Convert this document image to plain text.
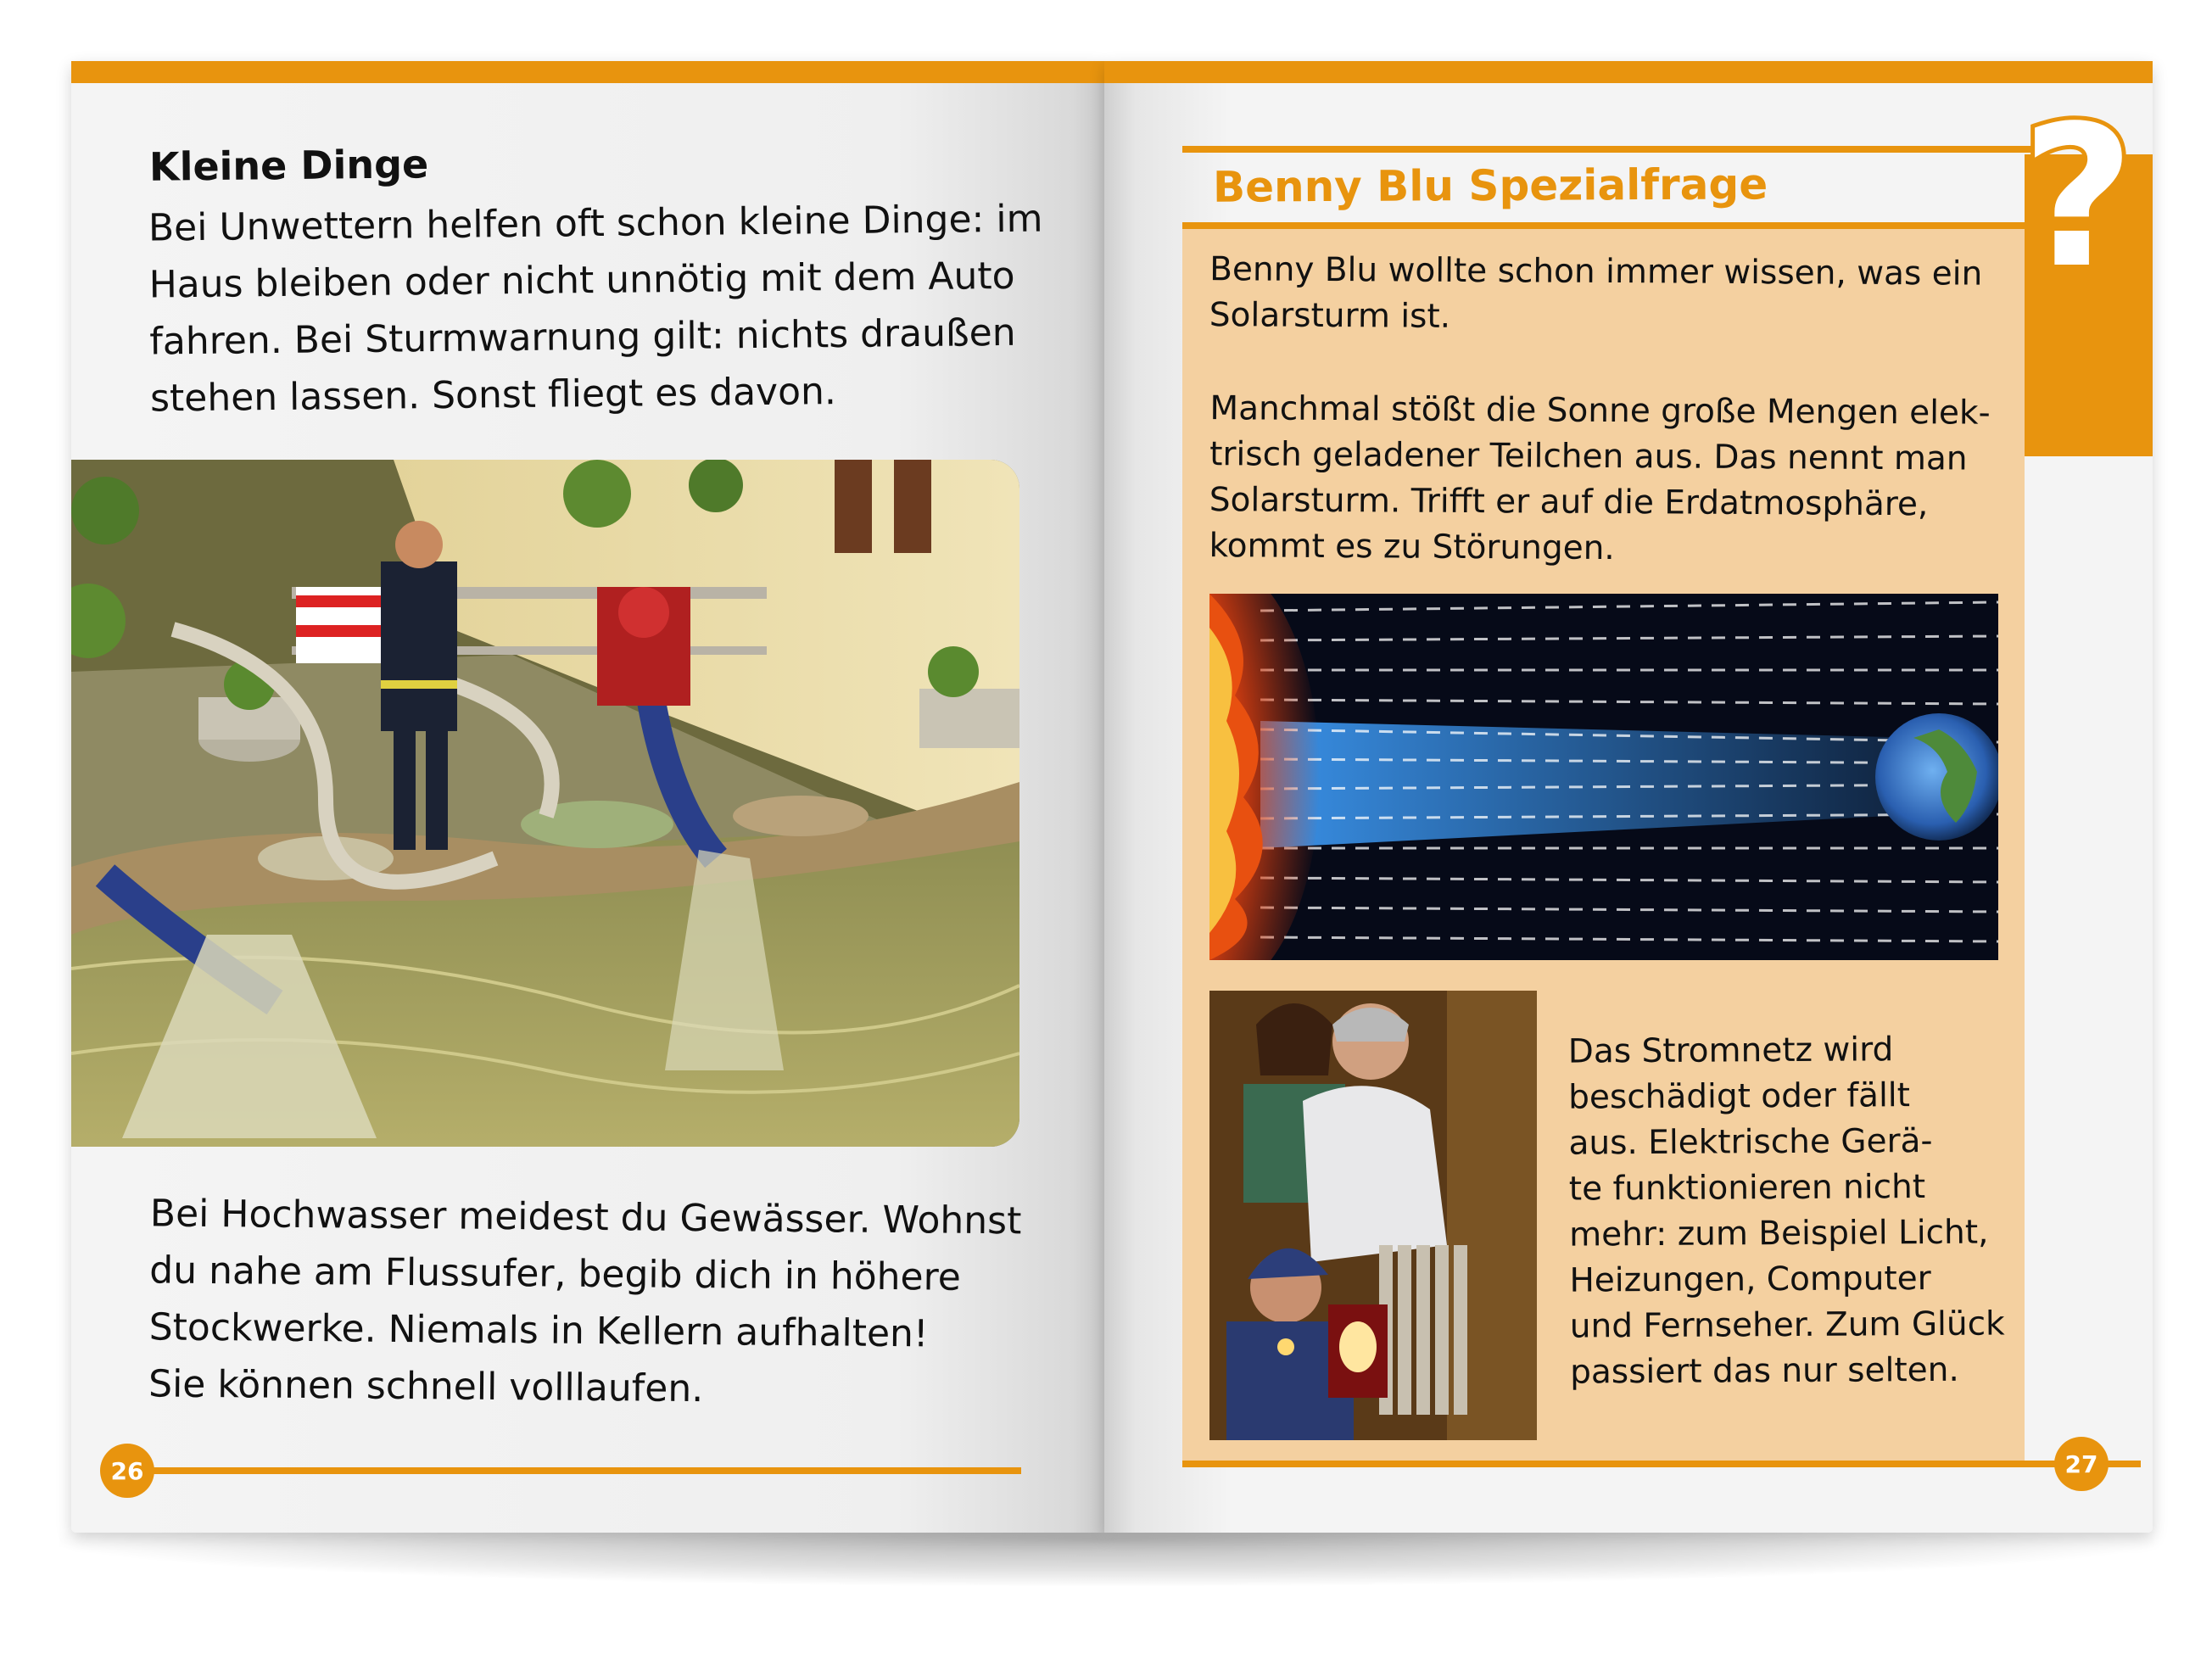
Kleine Dinge
Bei Unwettern helfen oft schon kleine Dinge: im
Haus bleiben oder nicht unnötig mit dem Auto
fahren. Bei Sturmwarnung gilt: nichts draußen
stehen lassen. Sonst fliegt es davon.
Bei Hochwasser meidest du Gewässer. Wohnst
du nahe am Flussufer, begib dich in höhere
Stockwerke. Niemals in Kellern aufhalten!
Sie können schnell volllaufen.
26
Benny Blu Spezialfrage ?
Benny Blu wollte schon immer wissen, was ein
Solarsturm ist.
Manchmal stößt die Sonne große Mengen elek-
trisch geladener Teilchen aus. Das nennt man
Solarsturm. Trifft er auf die Erdatmosphäre,
kommt es zu Störungen.
Das Stromnetz wird
beschädigt oder fällt
aus. Elektrische Gerä-
te funktionieren nicht
mehr: zum Beispiel Licht,
Heizungen, Computer
und Fernseher. Zum Glück
passiert das nur selten.
27
